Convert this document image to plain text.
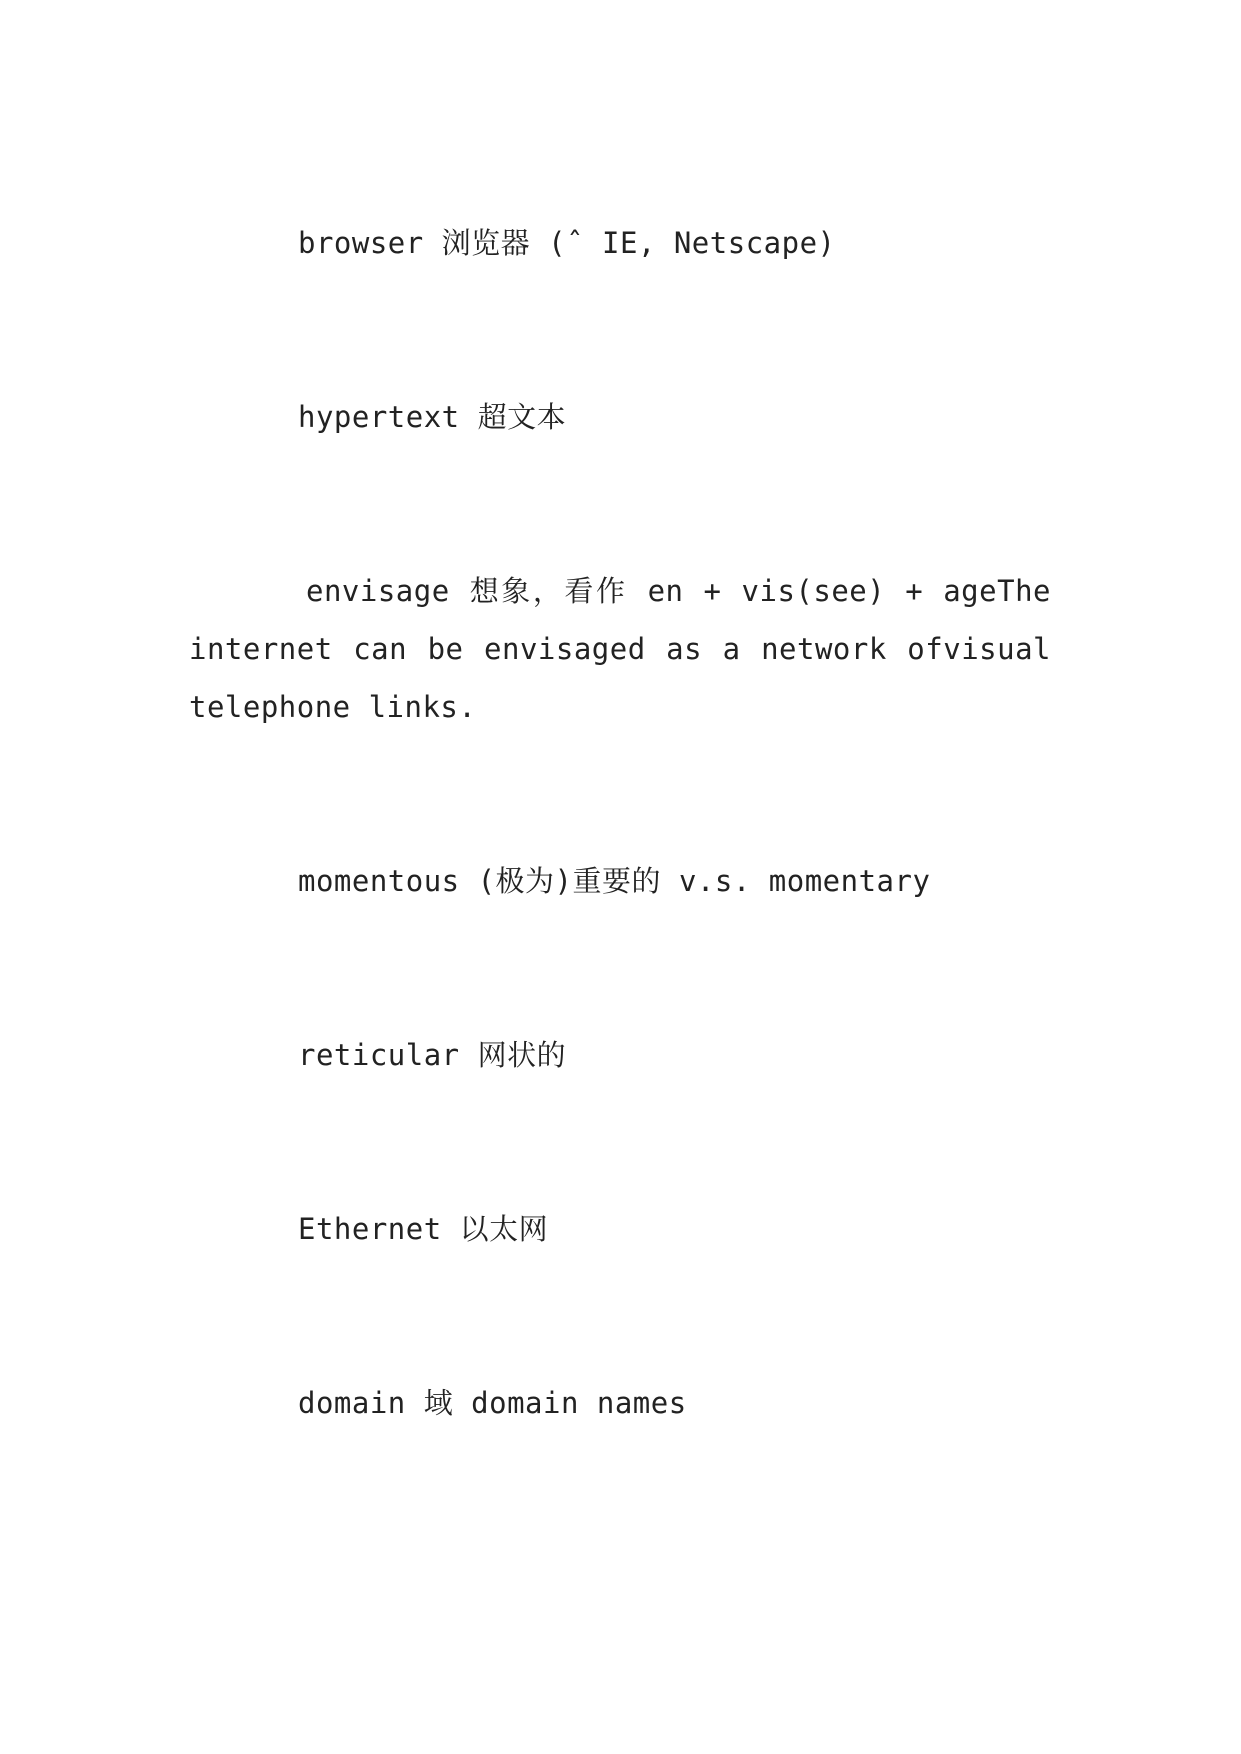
browser 浏览器 (ˆ IE, Netscape)
hypertext 超文本
envisage 想象，看作 en + vis(see) + ageThe
internet can be envisaged as a network ofvisual
telephone links.
momentous (极为)重要的 v.s. momentary
reticular 网状的
Ethernet 以太网
domain 域 domain names
